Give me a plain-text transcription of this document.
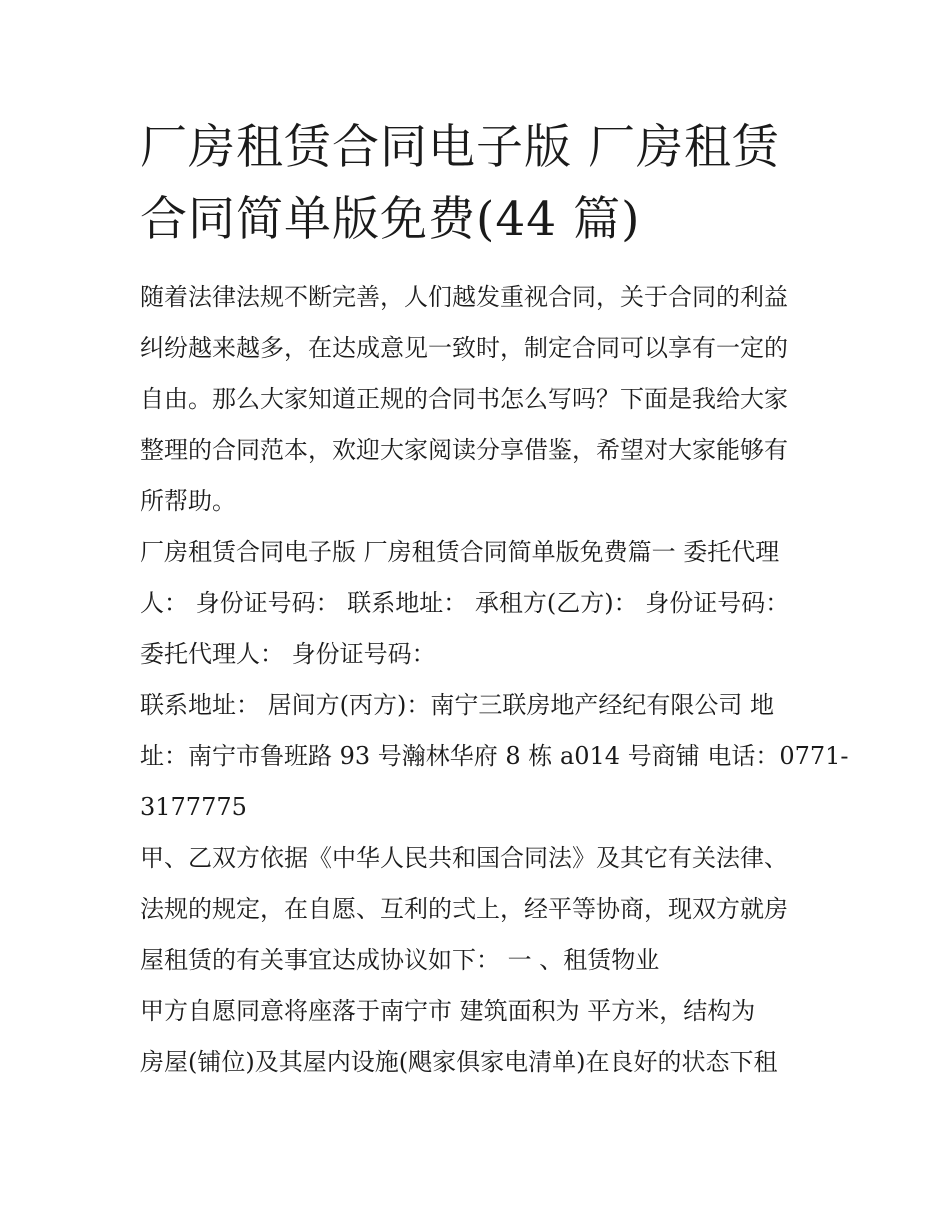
厂房租赁合同电子版 厂房租赁
合同简单版免费(44 篇)

随着法律法规不断完善，人们越发重视合同，关于合同的利益
纠纷越来越多，在达成意见一致时，制定合同可以享有一定的
自由。那么大家知道正规的合同书怎么写吗？下面是我给大家
整理的合同范本，欢迎大家阅读分享借鉴，希望对大家能够有
所帮助。

厂房租赁合同电子版 厂房租赁合同简单版免费篇一 委托代理
人： 身份证号码： 联系地址： 承租方(乙方)： 身份证号码：
委托代理人： 身份证号码：

联系地址： 居间方(丙方)：南宁三联房地产经纪有限公司 地
址：南宁市鲁班路 93 号瀚林华府 8 栋 a014 号商铺 电话：0771-
3177775

甲、乙双方依据《中华人民共和国合同法》及其它有关法律、
法规的规定，在自愿、互利的弍上，经平等协商，现双方就房
屋租赁的有关事宜达成协议如下： 一 、租赁物业

甲方自愿同意将座落于南宁市 建筑面积为 平方米，结构为
房屋(铺位)及其屋内设施(飓家俱家电清单)在良好的状态下租
